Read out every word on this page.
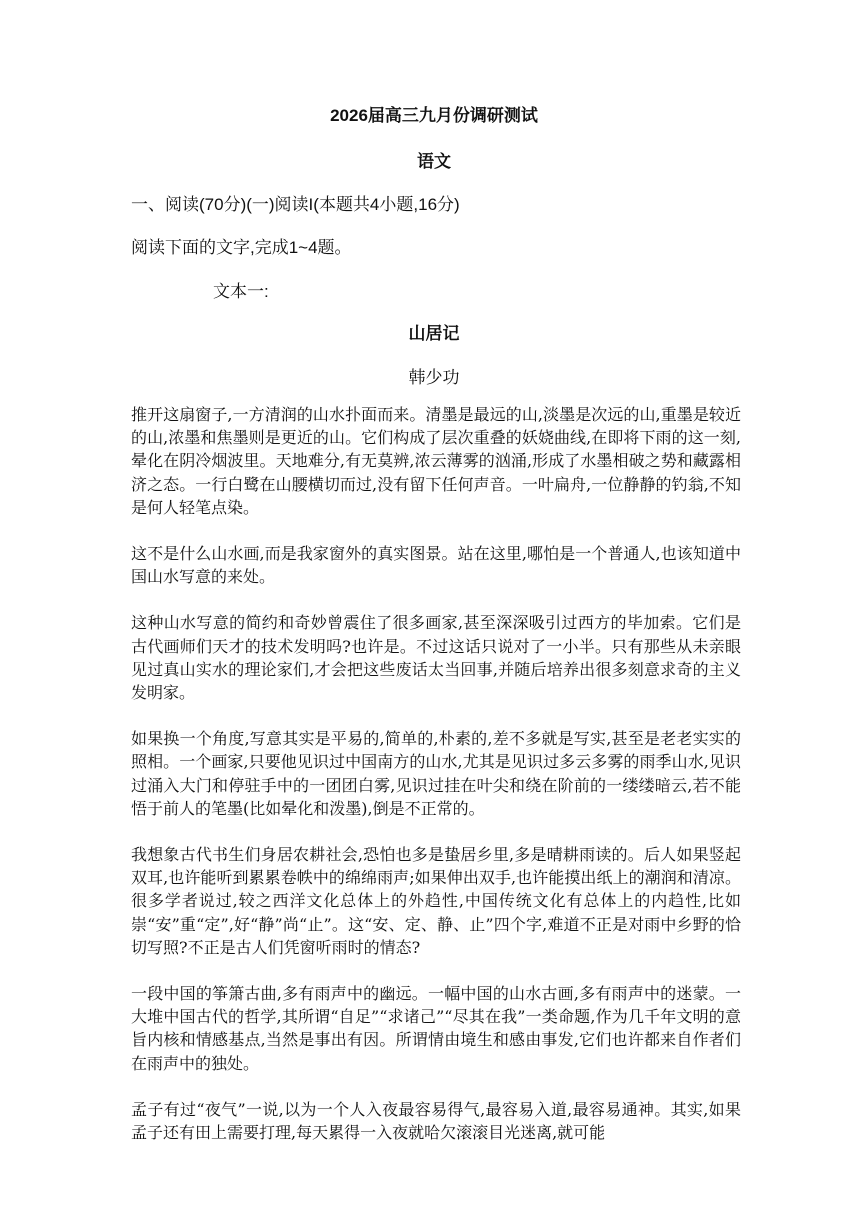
2026届高三九月份调研测试
语文
一、阅读(70分)(一)阅读I(本题共4小题,16分)
阅读下面的文字,完成1~4题。
文本一:
山居记
韩少功

推开这扇窗子,一方清润的山水扑面而来。清墨是最远的山,淡墨是次远的山,重墨是较近的山,浓墨和焦墨则是更近的山。它们构成了层次重叠的妖娆曲线,在即将下雨的这一刻,晕化在阴冷烟波里。天地难分,有无莫辨,浓云薄雾的汹涌,形成了水墨相破之势和藏露相济之态。一行白鹭在山腰横切而过,没有留下任何声音。一叶扁舟,一位静静的钓翁,不知是何人轻笔点染。

这不是什么山水画,而是我家窗外的真实图景。站在这里,哪怕是一个普通人,也该知道中国山水写意的来处。

这种山水写意的简约和奇妙曾震住了很多画家,甚至深深吸引过西方的毕加索。它们是古代画师们天才的技术发明吗?也许是。不过这话只说对了一小半。只有那些从未亲眼见过真山实水的理论家们,才会把这些废话太当回事,并随后培养出很多刻意求奇的主义发明家。

如果换一个角度,写意其实是平易的,简单的,朴素的,差不多就是写实,甚至是老老实实的照相。一个画家,只要他见识过中国南方的山水,尤其是见识过多云多雾的雨季山水,见识过涌入大门和停驻手中的一团团白雾,见识过挂在叶尖和绕在阶前的一缕缕暗云,若不能悟于前人的笔墨(比如晕化和泼墨),倒是不正常的。

我想象古代书生们身居农耕社会,恐怕也多是蛰居乡里,多是晴耕雨读的。后人如果竖起双耳,也许能听到累累卷帙中的绵绵雨声;如果伸出双手,也许能摸出纸上的潮润和清凉。很多学者说过,较之西洋文化总体上的外趋性,中国传统文化有总体上的内趋性,比如崇“安”重“定”,好“静”尚“止”。这“安、定、静、止”四个字,难道不正是对雨中乡野的恰切写照?不正是古人们凭窗听雨时的情态?

一段中国的筝箫古曲,多有雨声中的幽远。一幅中国的山水古画,多有雨声中的迷蒙。一大堆中国古代的哲学,其所谓“自足”“求诸己”“尽其在我”一类命题,作为几千年文明的意旨内核和情感基点,当然是事出有因。所谓情由境生和感由事发,它们也许都来自作者们在雨声中的独处。

孟子有过“夜气”一说,以为一个人入夜最容易得气,最容易入道,最容易通神。其实,如果孟子还有田上需要打理,每天累得一入夜就哈欠滚滚目光迷离,就可能
